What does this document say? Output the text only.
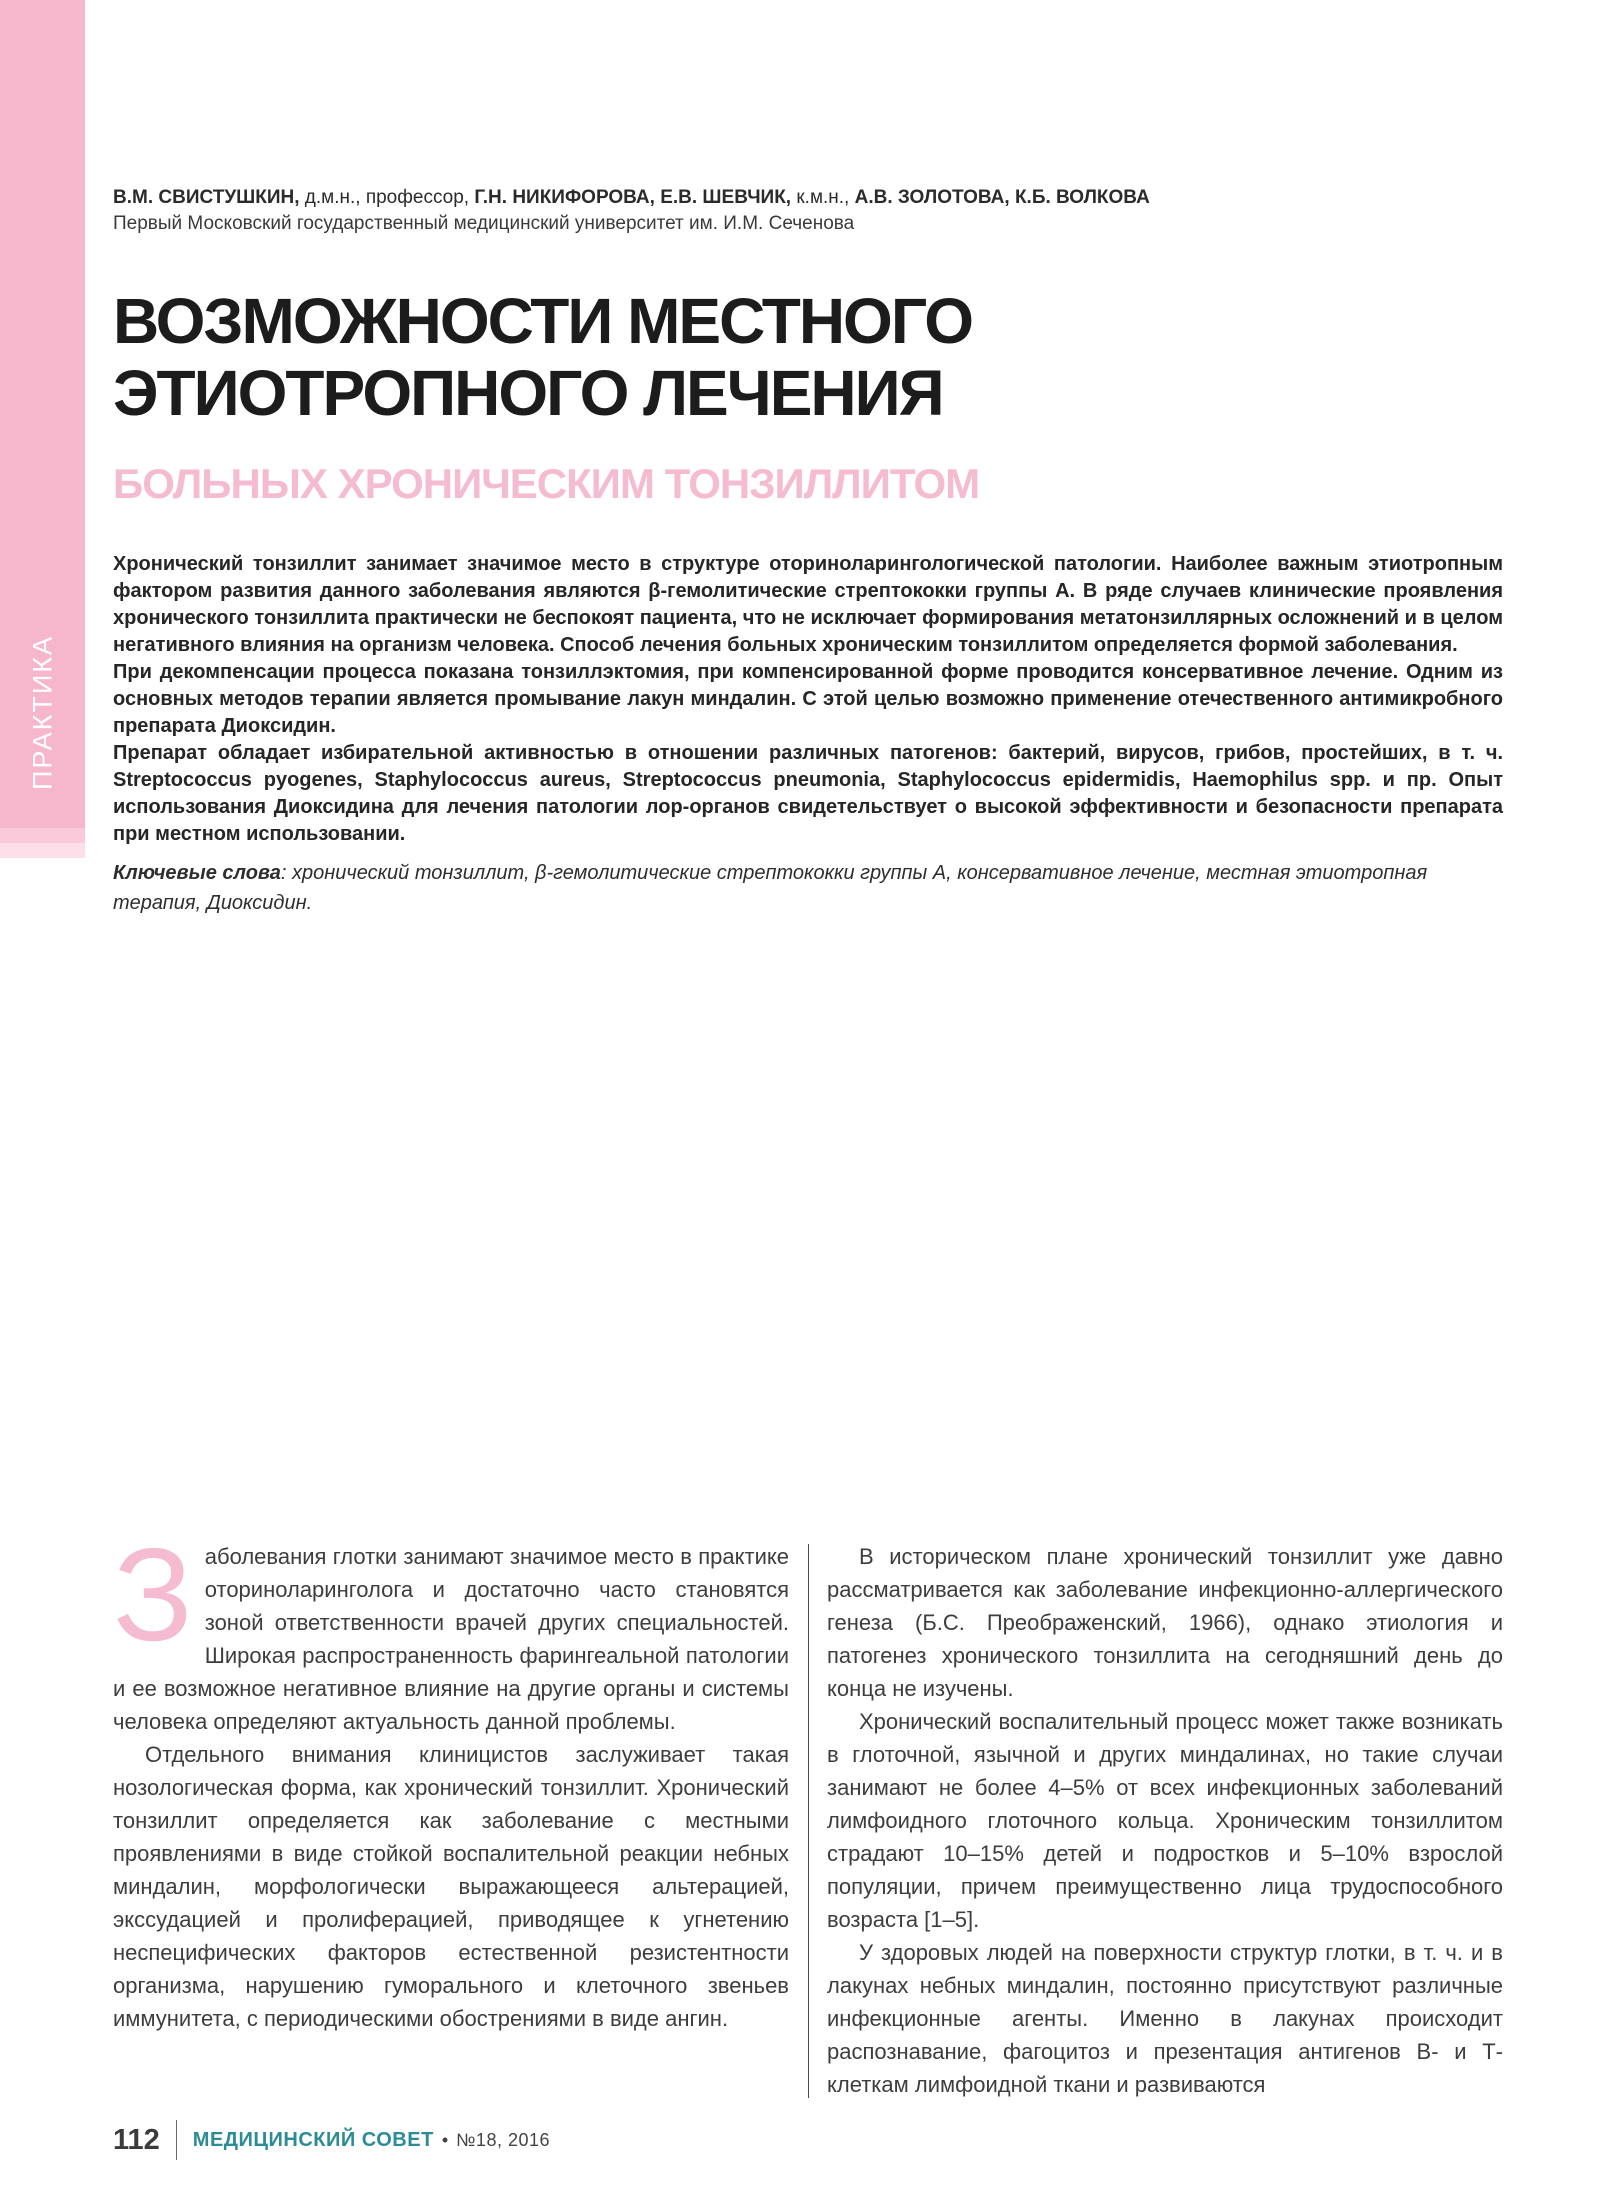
ПРАКТИКА
В.М. СВИСТУШКИН, д.м.н., профессор, Г.Н. НИКИФОРОВА, Е.В. ШЕВЧИК, к.м.н., А.В. ЗОЛОТОВА, К.Б. ВОЛКОВА
Первый Московский государственный медицинский университет им. И.М. Сеченова
ВОЗМОЖНОСТИ МЕСТНОГО
ЭТИОТРОПНОГО ЛЕЧЕНИЯ
БОЛЬНЫХ ХРОНИЧЕСКИМ ТОНЗИЛЛИТОМ

Хронический тонзиллит занимает значимое место в структуре оториноларингологической патологии. Наиболее важным этиотропным фактором развития данного заболевания являются β-гемолитические стрептококки группы А. В ряде случаев клинические проявления хронического тонзиллита практически не беспокоят пациента, что не исключает формирования метатонзиллярных осложнений и в целом негативного влияния на организм человека. Способ лечения больных хроническим тонзиллитом определяется формой заболевания.

При декомпенсации процесса показана тонзиллэктомия, при компенсированной форме проводится консервативное лечение. Одним из основных методов терапии является промывание лакун миндалин. С этой целью возможно применение отечественного антимикробного препарата Диоксидин.

Препарат обладает избирательной активностью в отношении различных патогенов: бактерий, вирусов, грибов, простейших, в т. ч. Streptococcus pyogenes, Staphylococcus aureus, Streptococcus pneumonia, Staphylococcus epidermidis, Haemophilus spp. и пр. Опыт использования Диоксидина для лечения патологии лор-органов свидетельствует о высокой эффективности и безопасности препарата при местном использовании.

Ключевые слова: хронический тонзиллит, β-гемолитические стрептококки группы А, консервативное лечение, местная этиотропная терапия, Диоксидин.

Заболевания глотки занимают значимое место в практике оториноларинголога и достаточно часто становятся зоной ответственности врачей других специальностей. Широкая распространенность фарингеальной патологии и ее возможное негативное влияние на другие органы и системы человека определяют актуальность данной проблемы.

Отдельного внимания клиницистов заслуживает такая нозологическая форма, как хронический тонзиллит. Хронический тонзиллит определяется как заболевание с местными проявлениями в виде стойкой воспалительной реакции небных миндалин, морфологически выражающееся альтерацией, экссудацией и пролиферацией, приводящее к угнетению неспецифических факторов естественной резистентности организма, нарушению гуморального и клеточного звеньев иммунитета, с периодическими обострениями в виде ангин.

В историческом плане хронический тонзиллит уже давно рассматривается как заболевание инфекционно-аллергического генеза (Б.С. Преображенский, 1966), однако этиология и патогенез хронического тонзиллита на сегодняшний день до конца не изучены.

Хронический воспалительный процесс может также возникать в глоточной, язычной и других миндалинах, но такие случаи занимают не более 4–5% от всех инфекционных заболеваний лимфоидного глоточного кольца. Хроническим тонзиллитом страдают 10–15% детей и подростков и 5–10% взрослой популяции, причем преимущественно лица трудоспособного возраста [1–5].

У здоровых людей на поверхности структур глотки, в т. ч. и в лакунах небных миндалин, постоянно присутствуют различные инфекционные агенты. Именно в лакунах происходит распознавание, фагоцитоз и презентация антигенов В- и Т-клеткам лимфоидной ткани и развиваются

112 МЕДИЦИНСКИЙ СОВЕТ • №18, 2016
